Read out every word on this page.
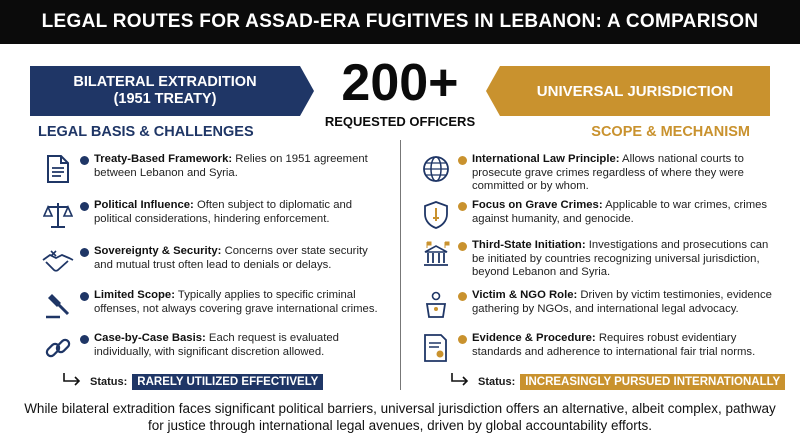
LEGAL ROUTES FOR ASSAD-ERA FUGITIVES IN LEBANON: A COMPARISON
BILATERAL EXTRADITION
(1951 TREATY)	200+
REQUESTED OFFICERS
UNIVERSAL JURISDICTION
LEGAL BASIS & CHALLENGES	SCOPE & MECHANISM
Treaty-Based Framework: Relies on 1951 agreement between Lebanon and Syria.
Political Influence: Often subject to diplomatic and political considerations, hindering enforcement.
Sovereignty & Security: Concerns over state security and mutual trust often lead to denials or delays.
Limited Scope: Typically applies to specific criminal offenses, not always covering grave international crimes.
Case-by-Case Basis: Each request is evaluated individually, with significant discretion allowed.
Status: RARELY UTILIZED EFFECTIVELY
International Law Principle: Allows national courts to prosecute grave crimes regardless of where they were committed or by whom.
Focus on Grave Crimes: Applicable to war crimes, crimes against humanity, and genocide.
Third-State Initiation: Investigations and prosecutions can be initiated by countries recognizing universal jurisdiction, beyond Lebanon and Syria.
Victim & NGO Role: Driven by victim testimonies, evidence gathering by NGOs, and international legal advocacy.
Evidence & Procedure: Requires robust evidentiary standards and adherence to international fair trial norms.
Status: INCREASINGLY PURSUED INTERNATIONALLY
While bilateral extradition faces significant political barriers, universal jurisdiction offers an alternative, albeit complex, pathway for justice through international legal avenues, driven by global accountability efforts.
